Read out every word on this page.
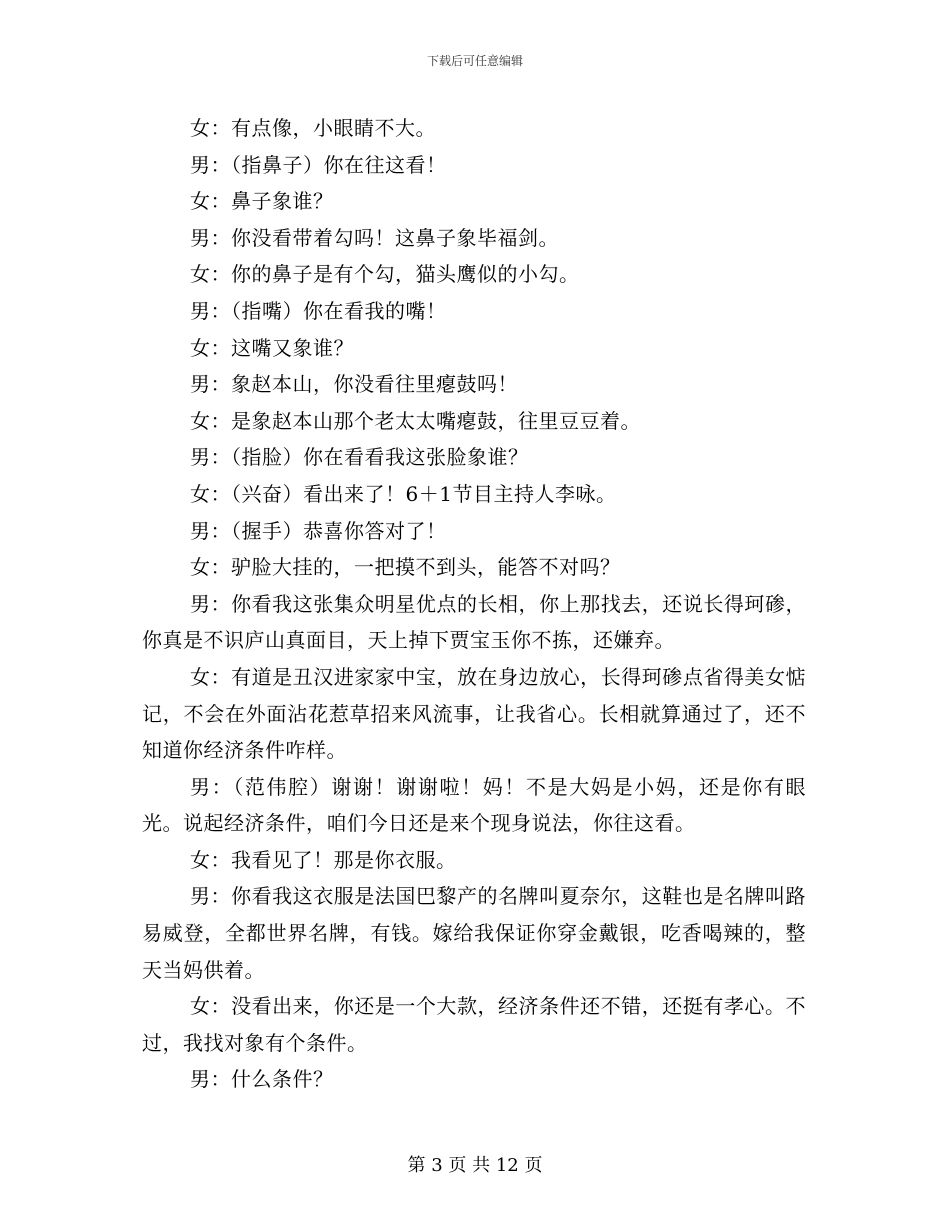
下载后可任意编辑

女：有点像，小眼睛不大。

男：（指鼻子）你在往这看！

女：鼻子象谁？

男：你没看带着勾吗！这鼻子象毕福剑。

女：你的鼻子是有个勾，猫头鹰似的小勾。

男：（指嘴）你在看我的嘴！

女：这嘴又象谁？

男：象赵本山，你没看往里瘪鼓吗！

女：是象赵本山那个老太太嘴瘪鼓，往里豆豆着。

男：（指脸）你在看看我这张脸象谁？

女：（兴奋）看出来了！6＋1节目主持人李咏。

男：（握手）恭喜你答对了！

女：驴脸大挂的，一把摸不到头，能答不对吗？

男：你看我这张集众明星优点的长相，你上那找去，还说长得珂碜，你真是不识庐山真面目，天上掉下贾宝玉你不拣，还嫌弃。

女：有道是丑汉进家家中宝，放在身边放心，长得珂碜点省得美女惦记，不会在外面沾花惹草招来风流事，让我省心。长相就算通过了，还不知道你经济条件咋样。

男：（范伟腔）谢谢！谢谢啦！妈！不是大妈是小妈，还是你有眼光。说起经济条件，咱们今日还是来个现身说法，你往这看。

女：我看见了！那是你衣服。

男：你看我这衣服是法国巴黎产的名牌叫夏奈尔，这鞋也是名牌叫路易威登，全都世界名牌，有钱。嫁给我保证你穿金戴银，吃香喝辣的，整天当妈供着。

女：没看出来，你还是一个大款，经济条件还不错，还挺有孝心。不过，我找对象有个条件。

男：什么条件？

第 3 页 共 12 页
